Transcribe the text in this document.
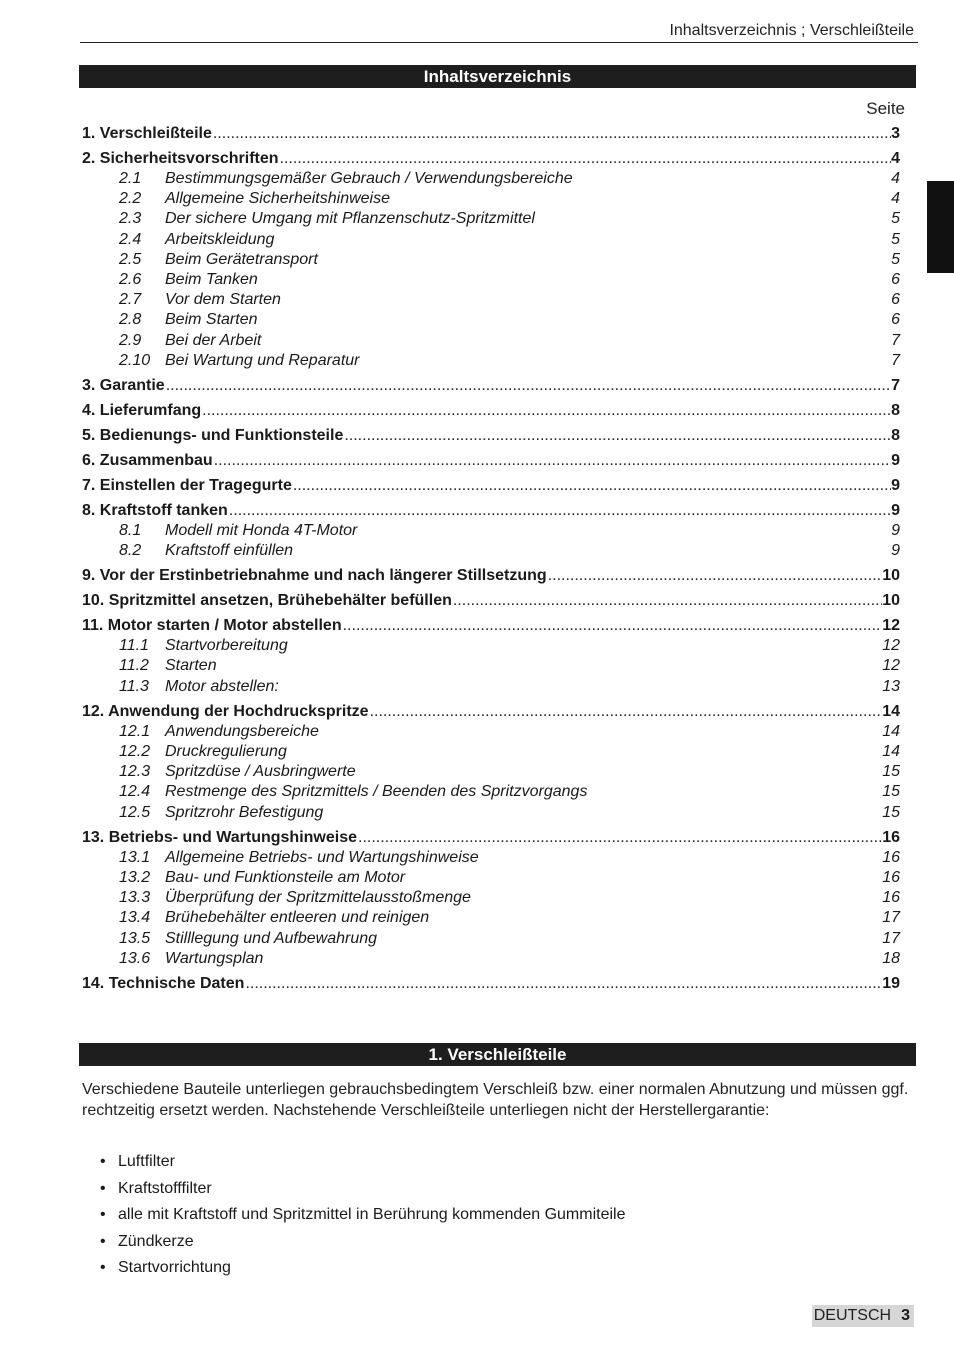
Inhaltsverzeichnis ; Verschleißteile
Inhaltsverzeichnis
Seite
1. Verschleißteile .....	3
2. Sicherheitsvorschriften .....	4
2.1	Bestimmungsgemäßer Gebrauch / Verwendungsbereiche	4
2.2	Allgemeine Sicherheitshinweise	4
2.3	Der sichere Umgang mit Pflanzenschutz-Spritzmittel	5
2.4	Arbeitskleidung	5
2.5	Beim Gerätetransport	5
2.6	Beim Tanken	6
2.7	Vor dem Starten	6
2.8	Beim Starten	6
2.9	Bei der Arbeit	7
2.10 Bei Wartung und Reparatur	7
3. Garantie .....	7
4. Lieferumfang .....	8
5. Bedienungs- und Funktionsteile .....	8
6. Zusammenbau .....	9
7. Einstellen der Tragegurte .....	9
8. Kraftstoff tanken .....	9
8.1	Modell mit Honda 4T-Motor	9
8.2	Kraftstoff einfüllen	9
9. Vor der Erstinbetriebnahme und nach längerer Stillsetzung .....	10
10. Spritzmittel ansetzen, Brühebehälter befüllen .....	10
11. Motor starten / Motor abstellen .....	12
11.1	Startvorbereitung	12
11.2	Starten	12
11.3	Motor abstellen:	13
12. Anwendung der Hochdruckspritze .....	14
12.1 Anwendungsbereiche	14
12.2 Druckregulierung	14
12.3 Spritzdüse / Ausbringwerte	15
12.4 Restmenge des Spritzmittels / Beenden des Spritzvorgangs	15
12.5 Spritzrohr Befestigung	15
13. Betriebs- und Wartungshinweise .....	16
13.1 Allgemeine Betriebs- und Wartungshinweise	16
13.2 Bau- und Funktionsteile am Motor	16
13.3 Überprüfung der Spritzmittelausstoßmenge	16
13.4 Brühebehälter entleeren und reinigen	17
13.5 Stilllegung und Aufbewahrung	17
13.6 Wartungsplan	18
14. Technische Daten .....	19
1. Verschleißteile

Verschiedene Bauteile unterliegen gebrauchsbedingtem Verschleiß bzw. einer normalen Abnutzung und müssen ggf. rechtzeitig ersetzt werden. Nachstehende Verschleißteile unterliegen nicht der Herstellergarantie:

• Luftfilter
• Kraftstofffilter
• alle mit Kraftstoff und Spritzmittel in Berührung kommenden Gummiteile
• Zündkerze
• Startvorrichtung
DEUTSCH 3
